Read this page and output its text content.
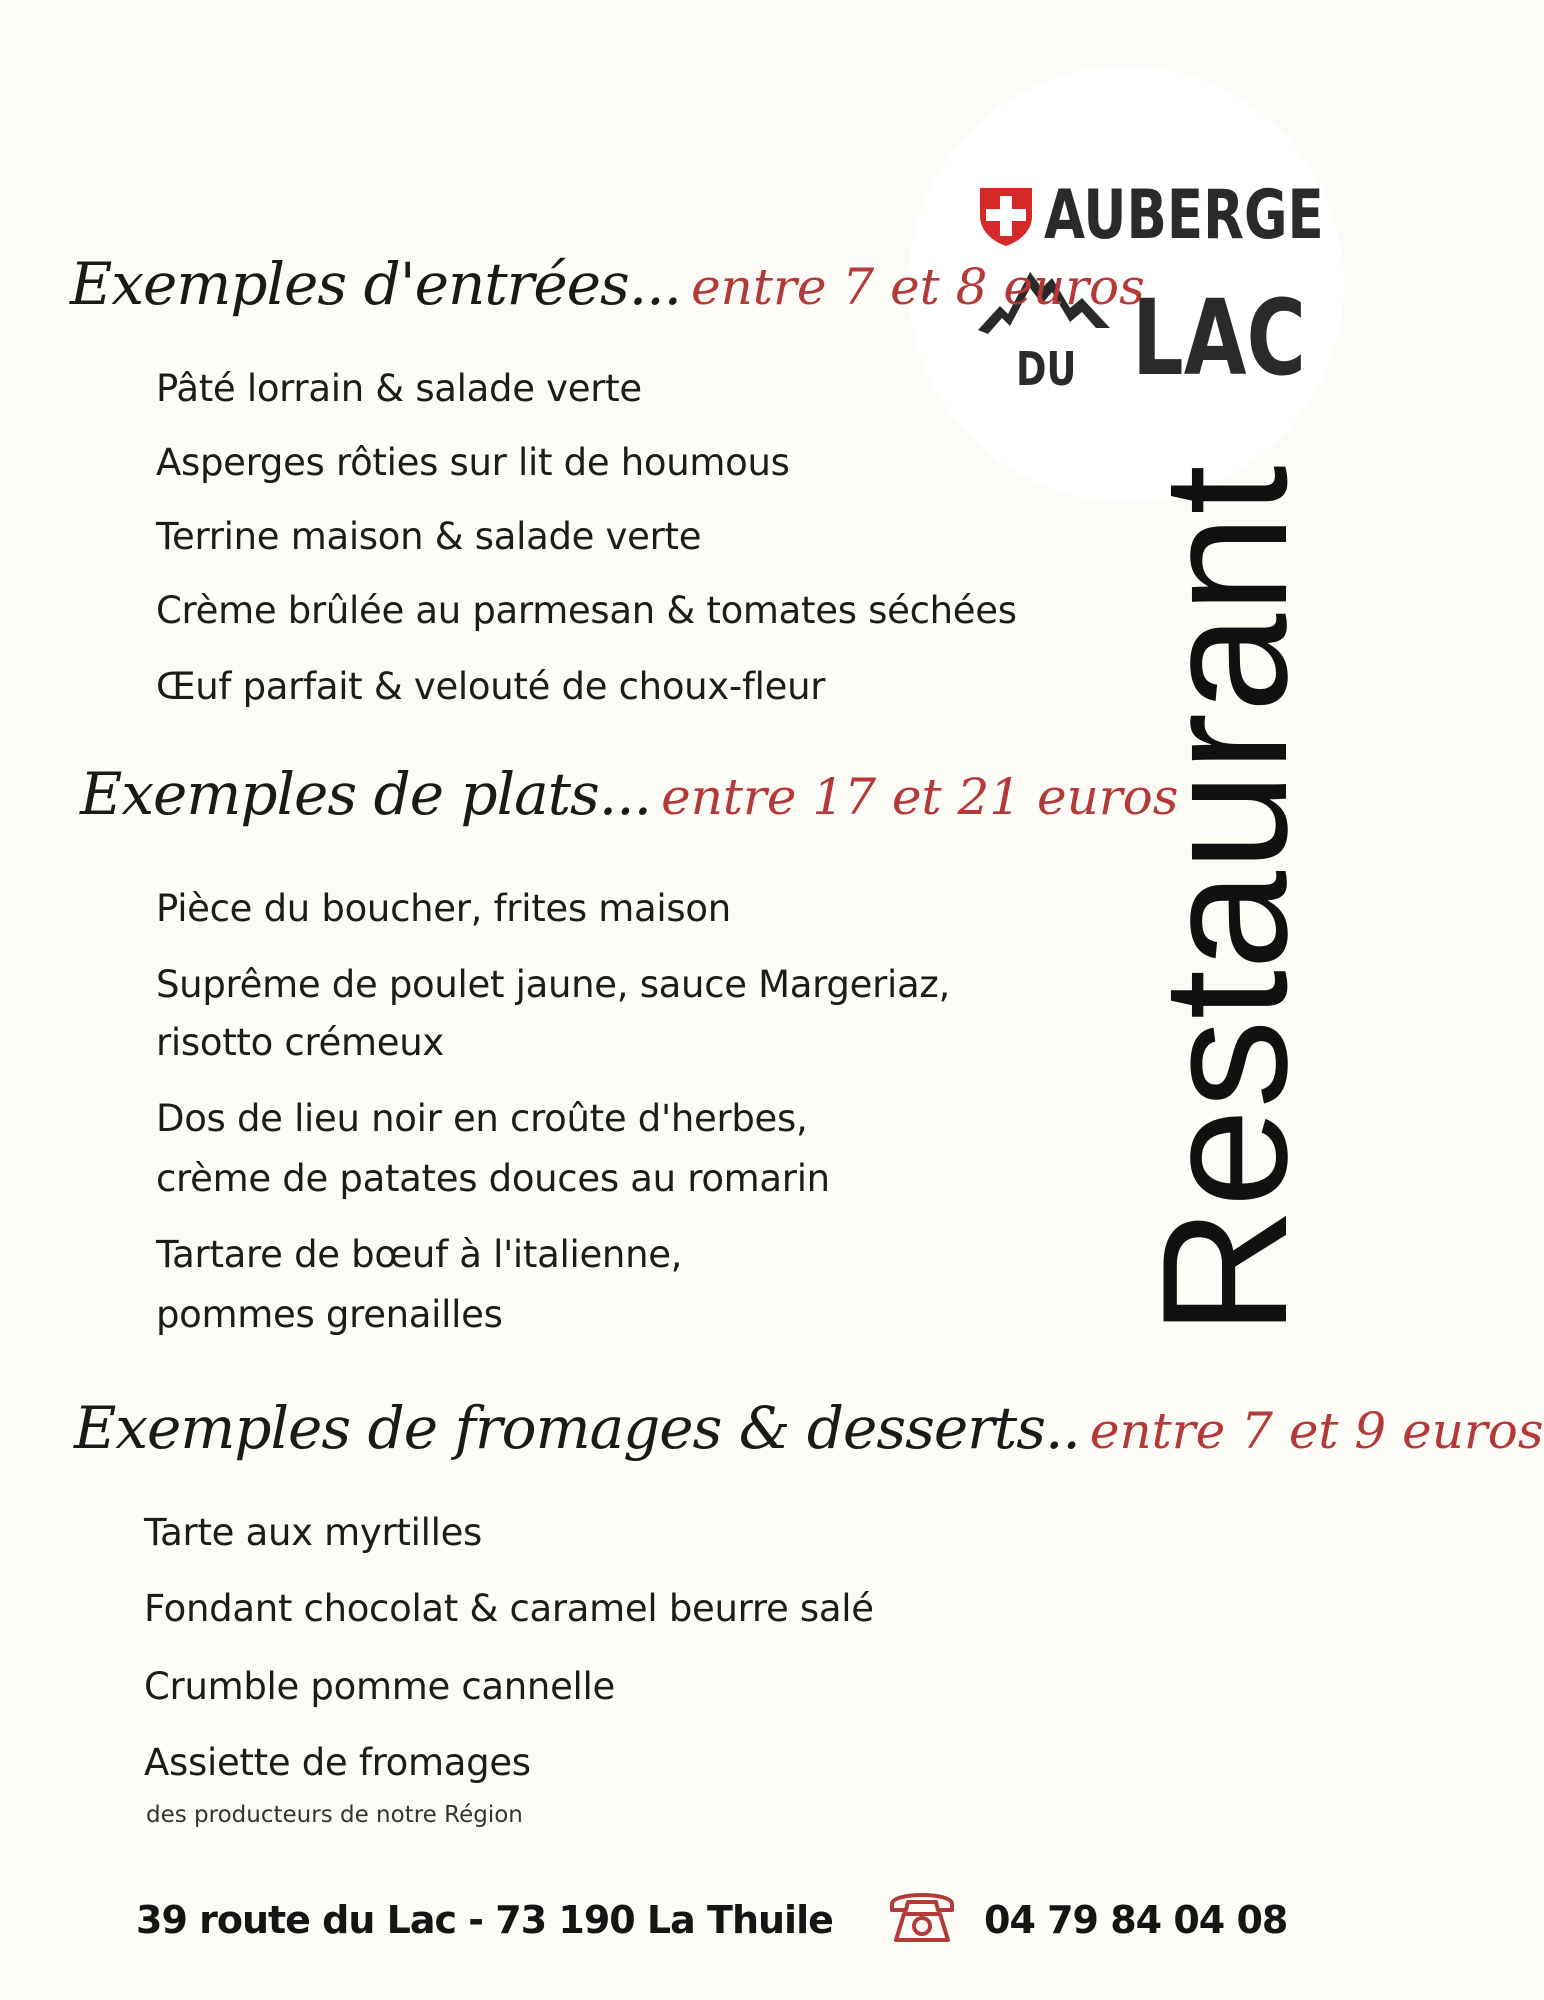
AUBERGE
DU LAC
Restaurant
Exemples d'entrées... entre 7 et 8 euros
Pâté lorrain & salade verte
Asperges rôties sur lit de houmous
Terrine maison & salade verte
Crème brûlée au parmesan & tomates séchées
Œuf parfait & velouté de choux-fleur
Exemples de plats... entre 17 et 21 euros
Pièce du boucher, frites maison
Suprême de poulet jaune, sauce Margeriaz,
risotto crémeux
Dos de lieu noir en croûte d'herbes,
crème de patates douces au romarin
Tartare de bœuf à l'italienne,
pommes grenailles
Exemples de fromages & desserts.. entre 7 et 9 euros
Tarte aux myrtilles
Fondant chocolat & caramel beurre salé
Crumble pomme cannelle
Assiette de fromages
des producteurs de notre Région
39 route du Lac - 73 190 La Thuile	04 79 84 04 08
